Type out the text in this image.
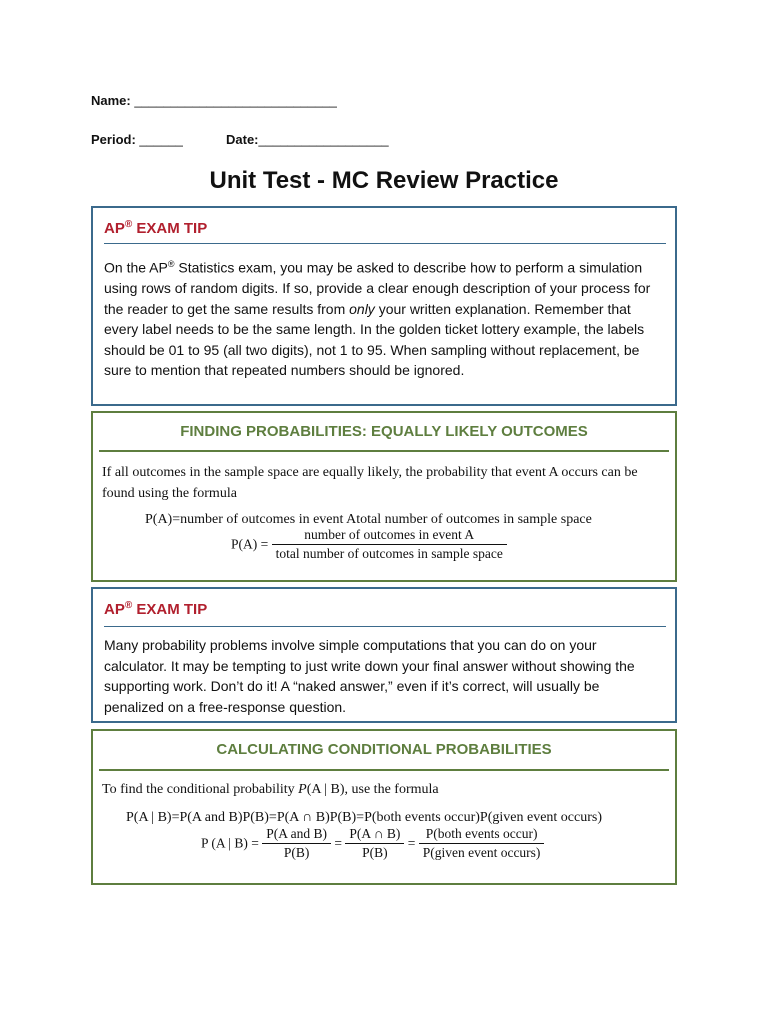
Name: ____________________________
Period: ______	Date:__________________
Unit Test - MC Review Practice
AP® EXAM TIP
On the AP® Statistics exam, you may be asked to describe how to perform a simulation using rows of random digits. If so, provide a clear enough description of your process for the reader to get the same results from only your written explanation. Remember that every label needs to be the same length. In the golden ticket lottery example, the labels should be 01 to 95 (all two digits), not 1 to 95. When sampling without replacement, be sure to mention that repeated numbers should be ignored.
FINDING PROBABILITIES: EQUALLY LIKELY OUTCOMES
If all outcomes in the sample space are equally likely, the probability that event A occurs can be found using the formula
P(A)=number of outcomes in event Atotal number of outcomes in sample space
$P(A) = \frac{\text{number of outcomes in event A}}{\text{total number of outcomes in sample space}}$
AP® EXAM TIP
Many probability problems involve simple computations that you can do on your calculator. It may be tempting to just write down your final answer without showing the supporting work. Don’t do it! A “naked answer,” even if it’s correct, will usually be penalized on a free-response question.
CALCULATING CONDITIONAL PROBABILITIES
To find the conditional probability P(A | B), use the formula
P(A | B)=P(A and B)P(B)=P(A ∩ B)P(B)=P(both events occur)P(given event occurs)
P (A | $B) = \frac{\text{P(A and B)}}{P(B)} = \frac{P(A \cap B)}{P(B)} = \frac{\text{P(both events occur)}}{\text{P(given event occurs)}}$
